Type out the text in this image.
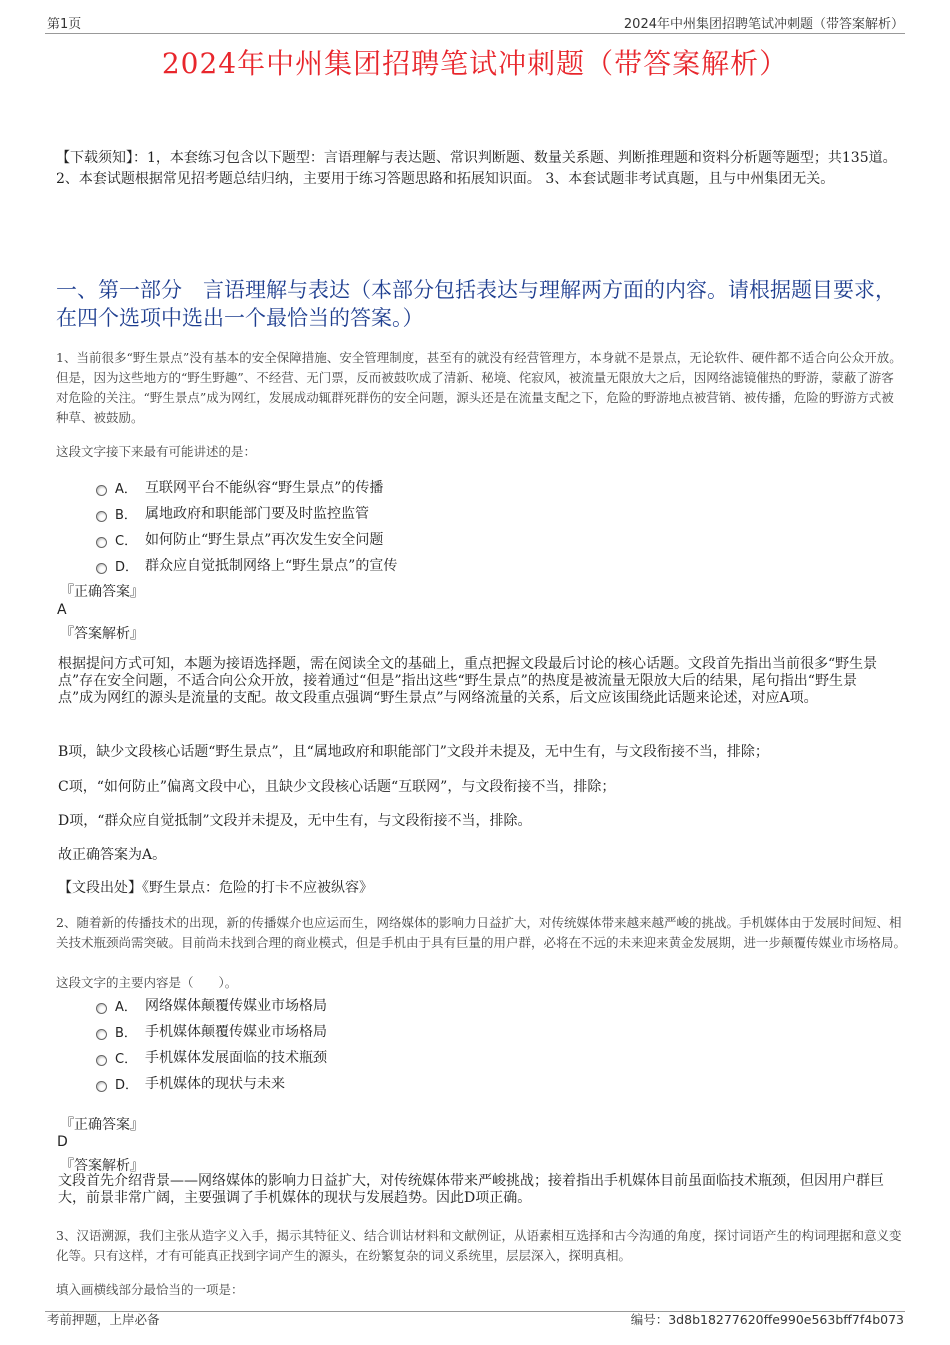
第1页	2024年中州集团招聘笔试冲刺题（带答案解析）
2024年中州集团招聘笔试冲刺题（带答案解析）
【下载须知】：1，本套练习包含以下题型：言语理解与表达题、常识判断题、数量关系题、判断推理题和资料分析题等题型；共135道。 2、本套试题根据常见招考题总结归纳，主要用于练习答题思路和拓展知识面。 3、本套试题非考试真题，且与中州集团无关。
一、第一部分　言语理解与表达（本部分包括表达与理解两方面的内容。请根据题目要求，在四个选项中选出一个最恰当的答案。）
1、当前很多“野生景点”没有基本的安全保障措施、安全管理制度，甚至有的就没有经营管理方，本身就不是景点，无论软件、硬件都不适合向公众开放。但是，因为这些地方的“野生野趣”、不经营、无门票，反而被鼓吹成了清新、秘境、侘寂风，被流量无限放大之后，因网络滤镜催热的野游，蒙蔽了游客对危险的关注。“野生景点”成为网红，发展成动辄群死群伤的安全问题，源头还是在流量支配之下，危险的野游地点被营销、被传播，危险的野游方式被种草、被鼓励。
这段文字接下来最有可能讲述的是：
A． 互联网平台不能纵容“野生景点”的传播
B． 属地政府和职能部门要及时监控监管
C． 如何防止“野生景点”再次发生安全问题
D． 群众应自觉抵制网络上“野生景点”的宣传
『正确答案』
A
『答案解析』
根据提问方式可知，本题为接语选择题，需在阅读全文的基础上，重点把握文段最后讨论的核心话题。文段首先指出当前很多“野生景点”存在安全问题，不适合向公众开放，接着通过“但是”指出这些“野生景点”的热度是被流量无限放大后的结果，尾句指出“野生景点”成为网红的源头是流量的支配。故文段重点强调“野生景点”与网络流量的关系，后文应该围绕此话题来论述，对应A项。
B项，缺少文段核心话题“野生景点”，且“属地政府和职能部门”文段并未提及，无中生有，与文段衔接不当，排除；
C项，“如何防止”偏离文段中心，且缺少文段核心话题“互联网”，与文段衔接不当，排除；
D项，“群众应自觉抵制”文段并未提及，无中生有，与文段衔接不当，排除。
故正确答案为A。
【文段出处】《野生景点：危险的打卡不应被纵容》
2、随着新的传播技术的出现，新的传播媒介也应运而生，网络媒体的影响力日益扩大，对传统媒体带来越来越严峻的挑战。手机媒体由于发展时间短、相关技术瓶颈尚需突破。目前尚未找到合理的商业模式，但是手机由于具有巨量的用户群，必将在不远的未来迎来黄金发展期，进一步颠覆传媒业市场格局。
这段文字的主要内容是（　　）。
A． 网络媒体颠覆传媒业市场格局
B． 手机媒体颠覆传媒业市场格局
C． 手机媒体发展面临的技术瓶颈
D． 手机媒体的现状与未来
『正确答案』
D
『答案解析』
文段首先介绍背景——网络媒体的影响力日益扩大，对传统媒体带来严峻挑战；接着指出手机媒体目前虽面临技术瓶颈，但因用户群巨大，前景非常广阔，主要强调了手机媒体的现状与发展趋势。因此D项正确。
3、汉语溯源，我们主张从造字义入手，揭示其特征义、结合训诂材料和文献例证，从语素相互选择和古今沟通的角度，探讨词语产生的构词理据和意义变化等。只有这样，才有可能真正找到字词产生的源头，在纷繁复杂的词义系统里，层层深入，探明真相。
填入画横线部分最恰当的一项是：
考前押题，上岸必备	编号：3d8b18277620ffe990e563bff7f4b073
